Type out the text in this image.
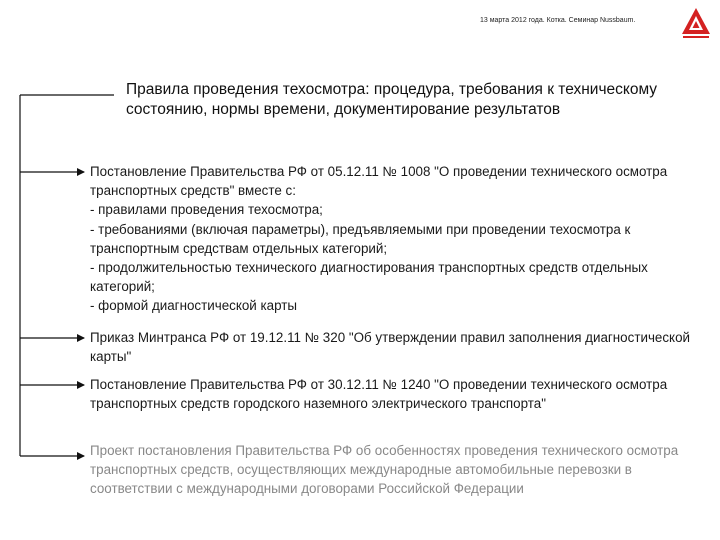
13 марта 2012 года. Котка. Семинар Nussbaum.
Правила проведения техосмотра: процедура, требования к техническому состоянию, нормы времени, документирование результатов

Постановление Правительства РФ от 05.12.11 № 1008 "О проведении технического осмотра транспортных средств" вместе с:
- правилами проведения техосмотра;
- требованиями (включая параметры), предъявляемыми при проведении техосмотра к транспортным средствам отдельных категорий;
- продолжительностью технического диагностирования транспортных средств отдельных категорий;
- формой диагностической карты

Приказ Минтранса РФ от 19.12.11 № 320 "Об утверждении правил заполнения диагностической карты"

Постановление Правительства РФ от 30.12.11 № 1240 "О проведении технического осмотра транспортных средств городского наземного электрического транспорта"

Проект постановления Правительства РФ об особенностях проведения технического осмотра транспортных средств, осуществляющих международные автомобильные перевозки в соответствии с международными договорами Российской Федерации
